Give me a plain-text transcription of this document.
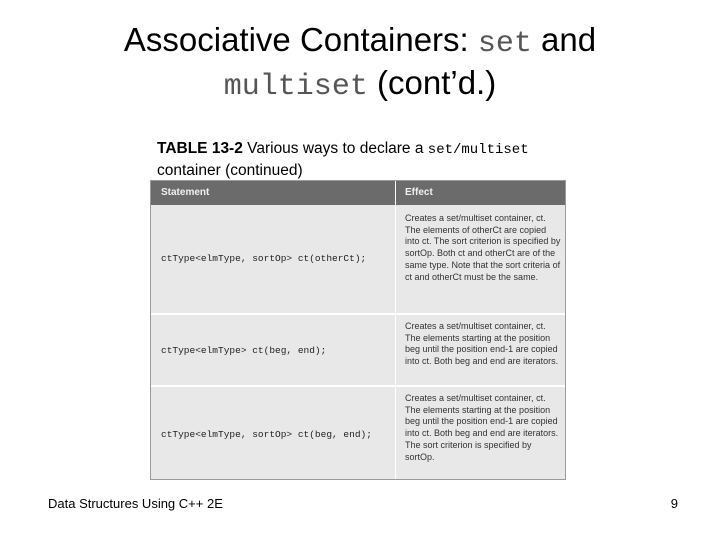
Associative Containers: set and
multiset (cont’d.)
TABLE 13-2 Various ways to declare a set/multiset
container (continued)
Statement	Effect
ctType<elmType, sortOp> ct(otherCt);
Creates a set/multiset container, ct. The elements of otherCt are copied into ct. The sort criterion is specified by sortOp. Both ct and otherCt are of the same type. Note that the sort criteria of ct and otherCt must be the same.
ctType<elmType> ct(beg, end);
Creates a set/multiset container, ct. The elements starting at the position beg until the position end-1 are copied into ct. Both beg and end are iterators.
ctType<elmType, sortOp> ct(beg, end);
Creates a set/multiset container, ct. The elements starting at the position beg until the position end-1 are copied into ct. Both beg and end are iterators. The sort criterion is specified by sortOp.
Data Structures Using C++ 2E	9
